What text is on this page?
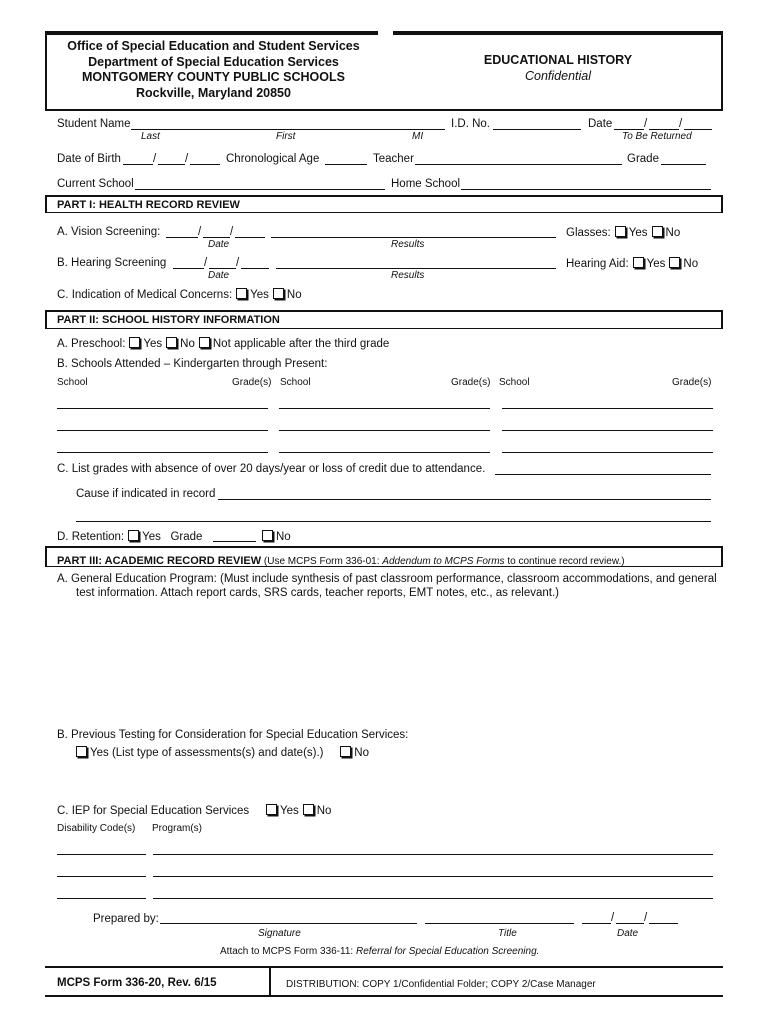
Office of Special Education and Student Services
Department of Special Education Services
MONTGOMERY COUNTY PUBLIC SCHOOLS
Rockville, Maryland 20850
EDUCATIONAL HISTORY
Confidential
Student Name
Last	First	MI
I.D. No.	Date	/	/
To Be Returned
Date of Birth	/	/	Chronological Age	Teacher	Grade
Current School	Home School
PART I: HEALTH RECORD REVIEW
A. Vision Screening:	/	/
Date	Results
Glasses: Yes No
B. Hearing Screening	/	/
Date	Results
Hearing Aid: Yes No
C. Indication of Medical Concerns: Yes No
PART II: SCHOOL HISTORY INFORMATION
A. Preschool: Yes No Not applicable after the third grade
B. Schools Attended – Kindergarten through Present:
School	Grade(s) School	Grade(s) School	Grade(s)
C. List grades with absence of over 20 days/year or loss of credit due to attendance.
Cause if indicated in record
D. Retention: Yes Grade	No
PART III: ACADEMIC RECORD REVIEW (Use MCPS Form 336-01: Addendum to MCPS Forms to continue record review.)
A. General Education Program: (Must include synthesis of past classroom performance, classroom accommodations, and general
test information. Attach report cards, SRS cards, teacher reports, EMT notes, etc., as relevant.)
B. Previous Testing for Consideration for Special Education Services:
Yes (List type of assessments(s) and date(s).)	No
C. IEP for Special Education Services	Yes No
Disability Code(s) Program(s)
Prepared by:	/	/
Signature	Title	Date
Attach to MCPS Form 336-11: Referral for Special Education Screening.
MCPS Form 336-20, Rev. 6/15	DISTRIBUTION: COPY 1/Confidential Folder; COPY 2/Case Manager
